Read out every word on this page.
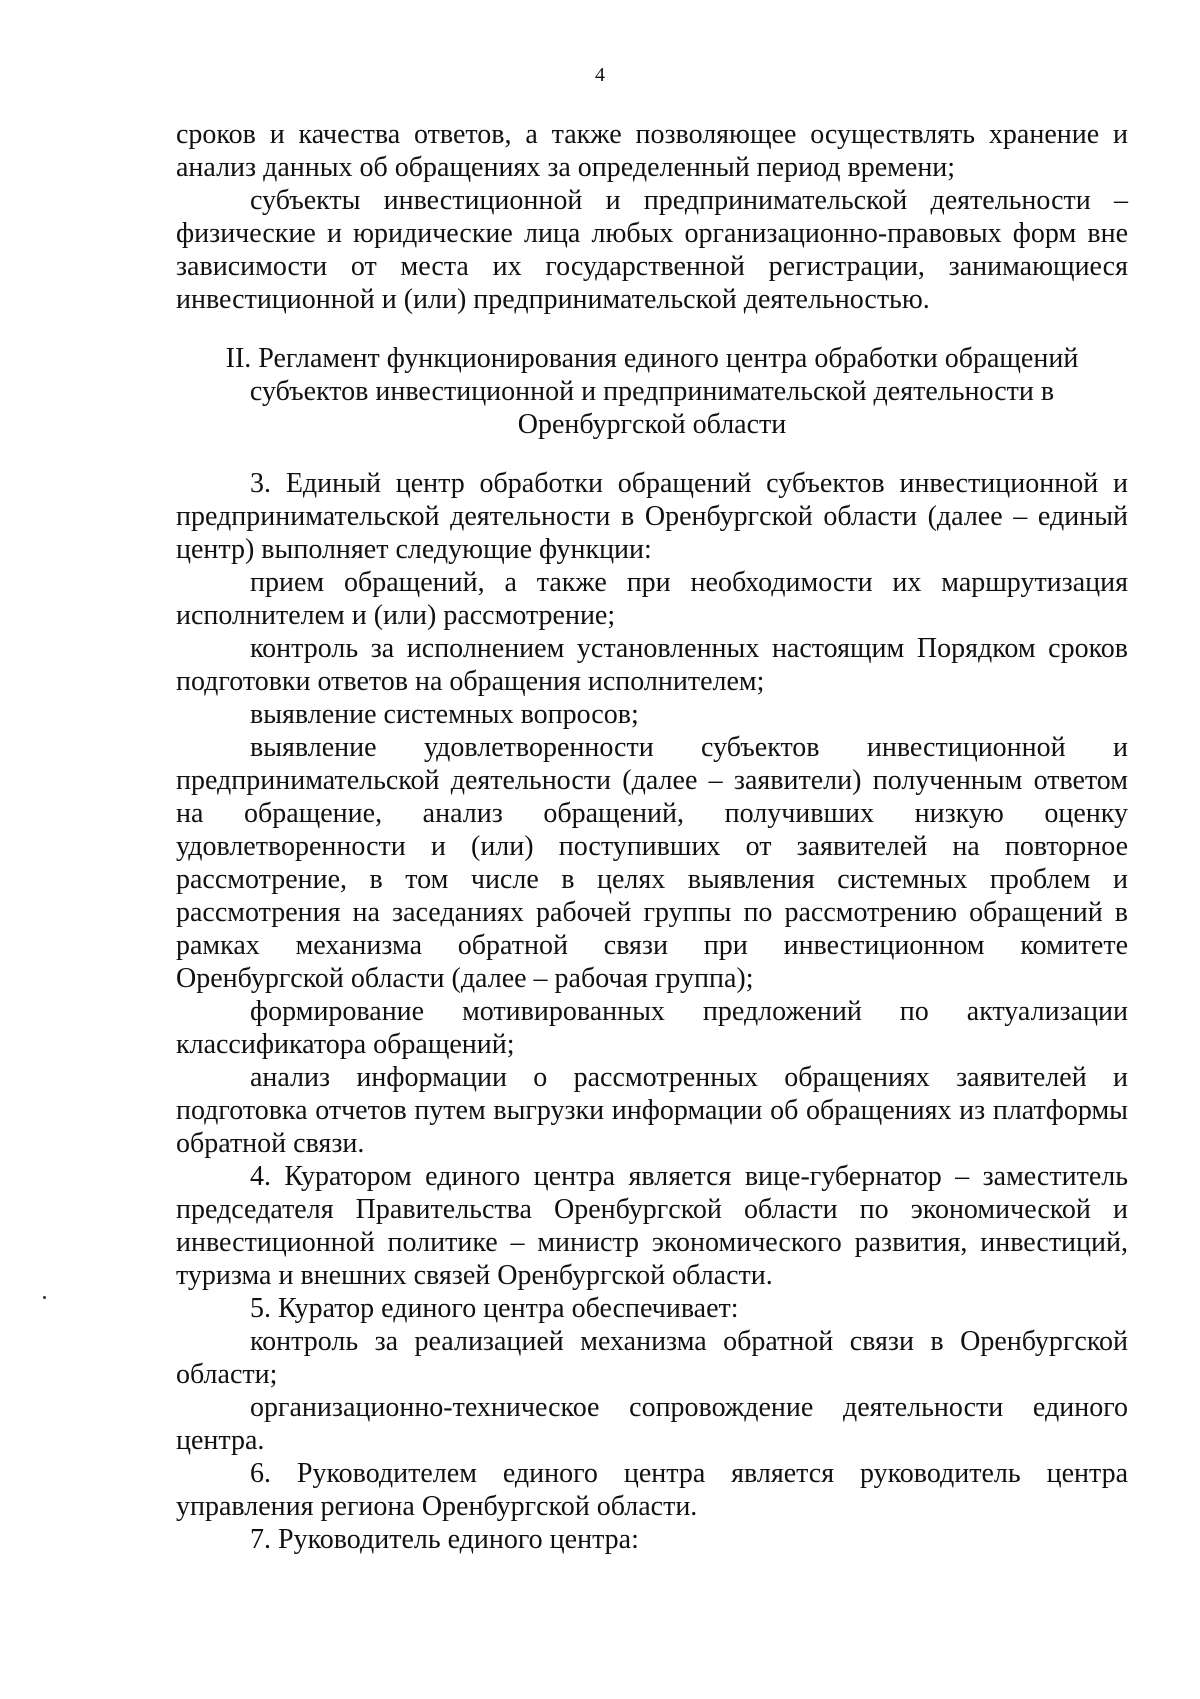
4

сроков и качества ответов, а также позволяющее осуществлять хранение и анализ данных об обращениях за определенный период времени;

субъекты инвестиционной и предпринимательской деятельности – физические и юридические лица любых организационно-правовых форм вне зависимости от места их государственной регистрации, занимающиеся инвестиционной и (или) предпринимательской деятельностью.

II. Регламент функционирования единого центра обработки обращений субъектов инвестиционной и предпринимательской деятельности в Оренбургской области

3. Единый центр обработки обращений субъектов инвестиционной и предпринимательской деятельности в Оренбургской области (далее – единый центр) выполняет следующие функции:

прием обращений, а также при необходимости их маршрутизация исполнителем и (или) рассмотрение;

контроль за исполнением установленных настоящим Порядком сроков подготовки ответов на обращения исполнителем;

выявление системных вопросов;

выявление удовлетворенности субъектов инвестиционной и предпринимательской деятельности (далее – заявители) полученным ответом на обращение, анализ обращений, получивших низкую оценку удовлетворенности и (или) поступивших от заявителей на повторное рассмотрение, в том числе в целях выявления системных проблем и рассмотрения на заседаниях рабочей группы по рассмотрению обращений в рамках механизма обратной связи при инвестиционном комитете Оренбургской области (далее – рабочая группа);

формирование мотивированных предложений по актуализации классификатора обращений;

анализ информации о рассмотренных обращениях заявителей и подготовка отчетов путем выгрузки информации об обращениях из платформы обратной связи.

4. Куратором единого центра является вице-губернатор – заместитель председателя Правительства Оренбургской области по экономической и инвестиционной политике – министр экономического развития, инвестиций, туризма и внешних связей Оренбургской области.

5. Куратор единого центра обеспечивает:

контроль за реализацией механизма обратной связи в Оренбургской области;

организационно-техническое сопровождение деятельности единого центра.

6. Руководителем единого центра является руководитель центра управления региона Оренбургской области.

7. Руководитель единого центра:
